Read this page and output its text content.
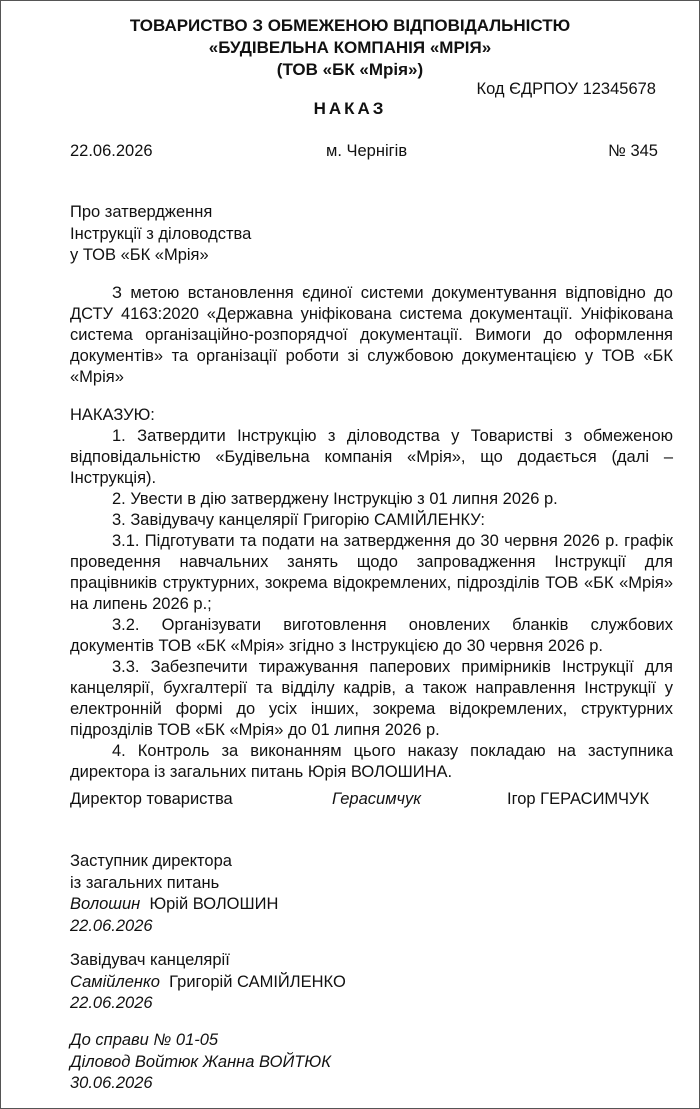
ТОВАРИСТВО З ОБМЕЖЕНОЮ ВІДПОВІДАЛЬНІСТЮ
«БУДІВЕЛЬНА КОМПАНІЯ «МРІЯ»
(ТОВ «БК «Мрія»)
Код ЄДРПОУ 12345678
НАКАЗ
22.06.2026	м. Чернігів	№ 345
Про затвердження
Інструкції з діловодства
у ТОВ «БК «Мрія»

З метою встановлення єдиної системи документування відповідно до ДСТУ 4163:2020 «Державна уніфікована система документації. Уніфікована система організаційно-розпорядчої документації. Вимоги до оформлення документів» та організації роботи зі службовою документацією у ТОВ «БК «Мрія»

НАКАЗУЮ:

1. Затвердити Інструкцію з діловодства у Товаристві з обмеженою відповідальністю «Будівельна компанія «Мрія», що додається (далі – Інструкція).

2. Увести в дію затверджену Інструкцію з 01 липня 2026 р.

3. Завідувачу канцелярії Григорію САМІЙЛЕНКУ:

3.1. Підготувати та подати на затвердження до 30 червня 2026 р. графік проведення навчальних занять щодо запровадження Інструкції для працівників структурних, зокрема відокремлених, підрозділів ТОВ «БК «Мрія» на липень 2026 р.;

3.2. Організувати виготовлення оновлених бланків службових документів ТОВ «БК «Мрія» згідно з Інструкцією до 30 червня 2026 р.

3.3. Забезпечити тиражування паперових примірників Інструкції для канцелярії, бухгалтерії та відділу кадрів, а також направлення Інструкції у електронній формі до усіх інших, зокрема відокремлених, структурних підрозділів ТОВ «БК «Мрія» до 01 липня 2026 р.

4. Контроль за виконанням цього наказу покладаю на заступника директора із загальних питань Юрія ВОЛОШИНА.

Директор товариства	Герасимчук	Ігор ГЕРАСИМЧУК
Заступник директора
із загальних питань
Волошин Юрій ВОЛОШИН
22.06.2026
Завідувач канцелярії
Самійленко Григорій САМІЙЛЕНКО
22.06.2026
До справи № 01-05
Діловод Войтюк Жанна ВОЙТЮК
30.06.2026
